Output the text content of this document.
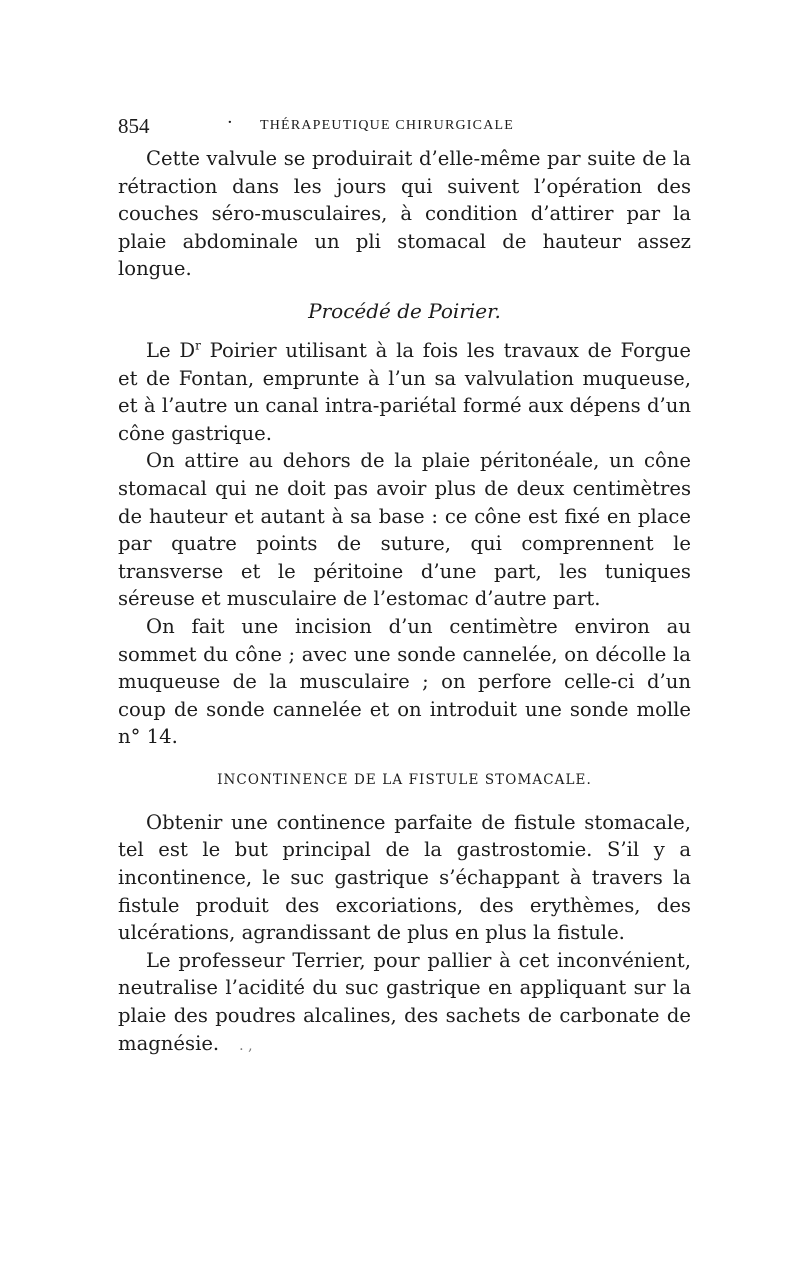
854	· THÉRAPEUTIQUE CHIRURGICALE

Cette valvule se produirait d’elle-même par suite de la rétraction dans les jours qui suivent l’opération des couches séro-musculaires, à condition d’attirer par la plaie abdominale un pli stomacal de hauteur assez longue.

Procédé de Poirier.

Le $D^r$ Poirier utilisant à la fois les travaux de Forgue et de Fontan, emprunte à l’un sa valvulation muqueuse, et à l’autre un canal intra-pariétal formé aux dépens d’un cône gastrique.

On attire au dehors de la plaie péritonéale, un cône stomacal qui ne doit pas avoir plus de deux centimètres de hauteur et autant à sa base : ce cône est fixé en place par quatre points de suture, qui comprennent le transverse et le péritoine d’une part, les tuniques séreuse et musculaire de l’estomac d’autre part.

On fait une incision d’un centimètre environ au sommet du cône ; avec une sonde cannelée, on décolle la muqueuse de la musculaire ; on perfore celle-ci d’un coup de sonde cannelée et on introduit une sonde molle n° 14.

INCONTINENCE DE LA FISTULE STOMACALE.

Obtenir une continence parfaite de fistule stomacale, tel est le but principal de la gastrostomie. S’il y a incontinence, le suc gastrique s’échappant à travers la fistule produit des excoriations, des erythèmes, des ulcérations, agrandissant de plus en plus la fistule.

Le professeur Terrier, pour pallier à cet inconvénient, neutralise l’acidité du suc gastrique en appliquant sur la plaie des poudres alcalines, des sachets de carbonate de magnésie. . ,
